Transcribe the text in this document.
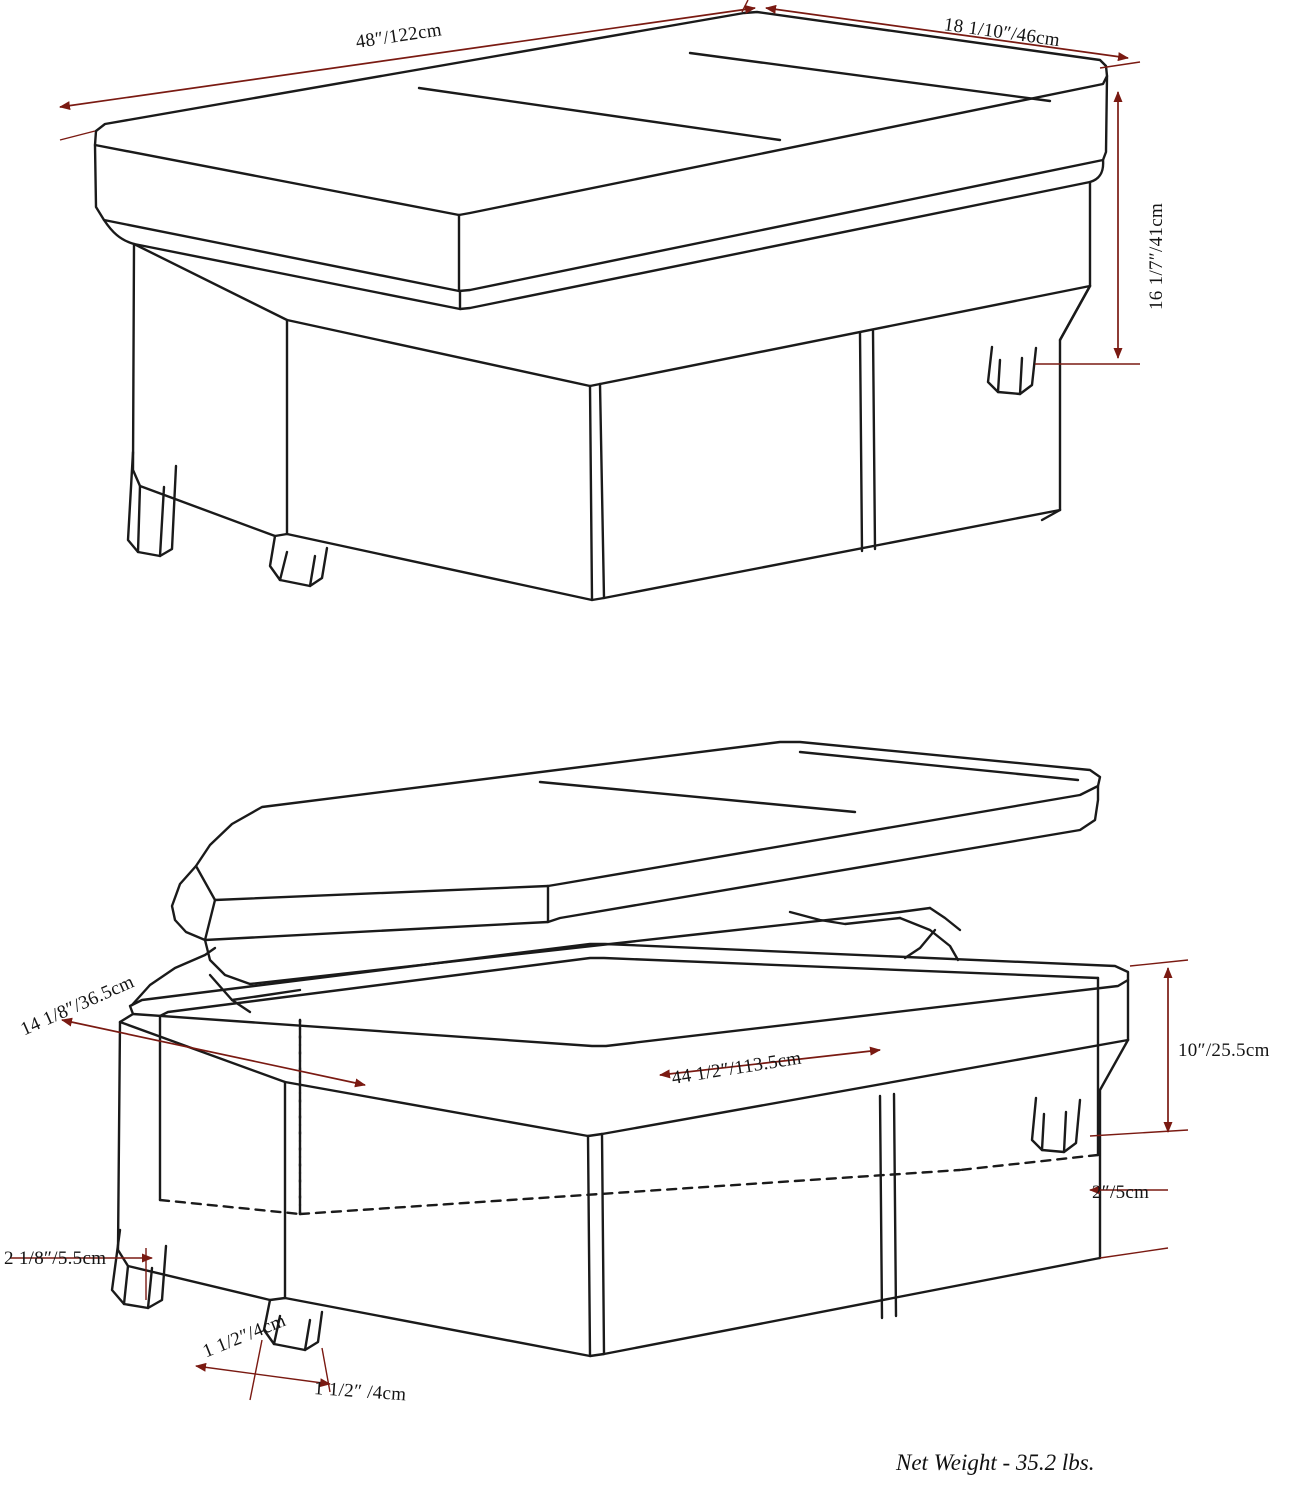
48″/122cm	18 1/10″/46cm
16 1/7″/41cm
14 1/8″/36.5cm
44 1/2″/113.5cm	10″/25.5cm
2″/5cm
2 1/8″/5.5cm
1 1/2″/4cm
1 1/2″ /4cm
Net Weight - 35.2 lbs.
